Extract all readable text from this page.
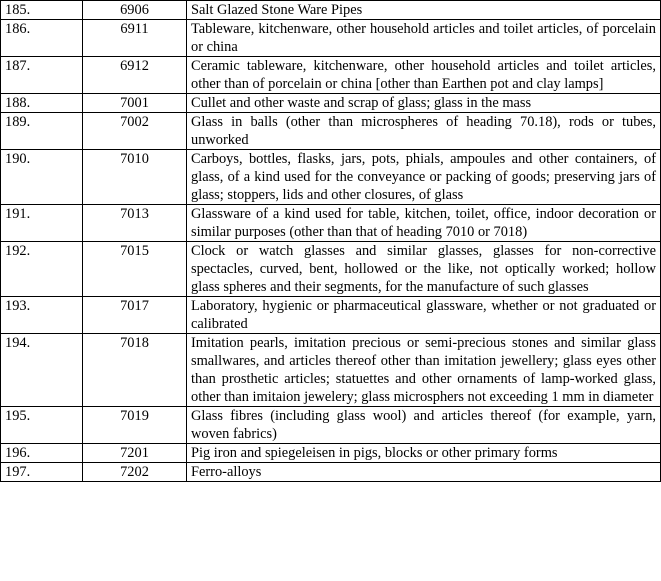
185.	6906	Salt Glazed Stone Ware Pipes
186.	6911	Tableware, kitchenware, other household articles and toilet articles, of porcelain or china
187.	6912	Ceramic tableware, kitchenware, other household articles and toilet articles, other than of porcelain or china [other than Earthen pot and clay lamps]
188.	7001	Cullet and other waste and scrap of glass; glass in the mass
189.	7002	Glass in balls (other than microspheres of heading 70.18), rods or tubes, unworked
190.	7010	Carboys, bottles, flasks, jars, pots, phials, ampoules and other containers, of glass, of a kind used for the conveyance or packing of goods; preserving jars of glass; stoppers, lids and other closures, of glass
191.	7013	Glassware of a kind used for table, kitchen, toilet, office, indoor decoration or similar purposes (other than that of heading 7010 or 7018)
192.	7015	Clock or watch glasses and similar glasses, glasses for non-corrective spectacles, curved, bent, hollowed or the like, not optically worked; hollow glass spheres and their segments, for the manufacture of such glasses
193.	7017	Laboratory, hygienic or pharmaceutical glassware, whether or not graduated or calibrated
194.	7018	Imitation pearls, imitation precious or semi-precious stones and similar glass smallwares, and articles thereof other than imitation jewellery; glass eyes other than prosthetic articles; statuettes and other ornaments of lamp-worked glass, other than imitaion jewelery; glass microsphers not exceeding 1 mm in diameter
195.	7019	Glass fibres (including glass wool) and articles thereof (for example, yarn, woven fabrics)
196.	7201	Pig iron and spiegeleisen in pigs, blocks or other primary forms
197.	7202	Ferro-alloys
